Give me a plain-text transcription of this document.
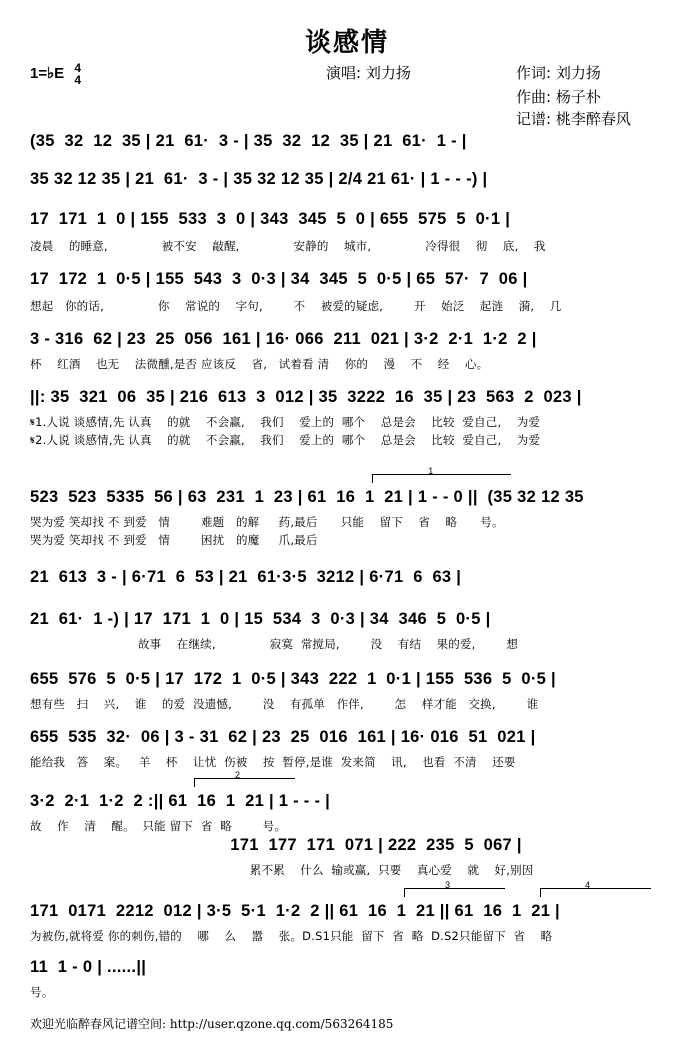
谈感情
1=♭E 4
4	演唱: 刘力扬	作词: 刘力扬
作曲: 杨子朴
记谱: 桃李醉春风
(35  32  12  35 | 21  61·  3 - | 35  32  12  35 | 21  61·  1 - |
35 32 12 35 | 21  61·  3 - | 35 32 12 35 | 2/4 21 61· | 1 - - -) |
17  171  1  0 | 155  533  3  0 | 343  345  5  0 | 655  575  5  0·1 |
凌晨    的睡意,              被不安    敲醒,              安静的    城市,              冷得很    彻    底,    我
17  172  1  0·5 | 155  543  3  0·3 | 34  345  5  0·5 | 65  57·  7  06 |
想起   你的话,              你    常说的    字句,        不    被爱的疑虑,        开    始泛    起涟    漪,    几
3 - 316  62 | 23  25  056  161 | 16· 066  211  021 | 3·2  2·1  1·2  2 |
杯    红酒    也无    法微醺,是否 应该反    省,   试着看 清    你的    漫    不    经    心。
||: 35  321  06  35 | 216  613  3  012 | 35  3222  16  35 | 23  563  2  023 |
𝄋1.人说 谈感情,先 认真    的就    不会赢,    我们    爱上的  哪个    总是会    比较  爱自己,    为爱
𝄋2.人说 谈感情,先 认真    的就    不会赢,    我们    爱上的  哪个    总是会    比较  爱自己,    为爱
1
523  523  5335  56 | 63  231  1  23 | 61  16  1  21 | 1 - - 0 ||  (35 32 12 35
哭为爱 笑却找 不 到爱   情        难题   的解     药,最后      只能    留下    省    略      号。
哭为爱 笑却找 不 到爱   情        困扰   的魔     爪,最后
21  613  3 - | 6·71  6  53 | 21  61·3·5  3212 | 6·71  6  63 |
21  61·  1 -) | 17  171  1  0 | 15  534  3  0·3 | 34  346  5  0·5 |
故事    在继续,              寂寞  常搅局,        没    有结    果的爱,        想
655  576  5  0·5 | 17  172  1  0·5 | 343  222  1  0·1 | 155  536  5  0·5 |
想有些   扫    兴,    谁    的爱  没遗憾,        没    有孤单   作伴,        怎    样才能   交换,        谁
655  535  32·  06 | 3 - 31  62 | 23  25  016  161 | 16· 016  51  021 |
能给我   答    案。   羊    杯    让忧  伤被    按  暂停,是谁  发来简    讯,    也看  不清    还要
2
3·2  2·1  1·2  2 :|| 61  16  1  21 | 1 - - - |
故    作    清    醒。  只能 留下  省  略        号。
171  177  171  071 | 222  235  5  067 |
累不累    什么  输或赢,  只要    真心爱    就    好,别因
3	4
171  0171  2212  012 | 3·5  5·1  1·2  2 || 61  16  1  21 || 61  16  1  21 |
为被伤,就将爱 你的刺伤,错的    哪    么    嚣    张。D.S1只能  留下  省  略  D.S2只能留下  省    略
11  1 - 0 | ......||
号。
欢迎光临醉春风记谱空间: http://user.qzone.qq.com/563264185
